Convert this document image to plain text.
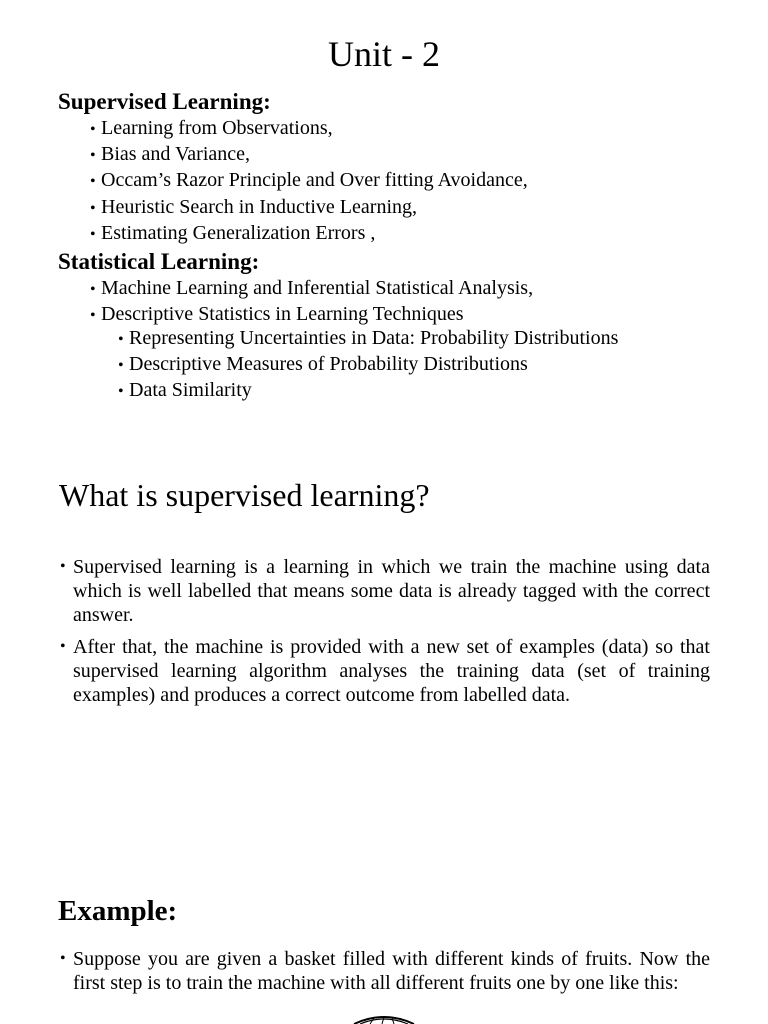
Unit - 2
Supervised Learning:
• Learning from Observations,
• Bias and Variance,
• Occam’s Razor Principle and Over fitting Avoidance,
• Heuristic Search in Inductive Learning,
• Estimating Generalization Errors ,
Statistical Learning:
• Machine Learning and Inferential Statistical Analysis,
• Descriptive Statistics in Learning Techniques
• Representing Uncertainties in Data: Probability Distributions
• Descriptive Measures of Probability Distributions
• Data Similarity
What is supervised learning?
• Supervised learning is a learning in which we train the machine using data which is well labelled that means some data is already tagged with the correct answer.
• After that, the machine is provided with a new set of examples (data) so that supervised learning algorithm analyses the training data (set of training examples) and produces a correct outcome from labelled data.
Example:
• Suppose you are given a basket filled with different kinds of fruits. Now the first step is to train the machine with all different fruits one by one like this:
